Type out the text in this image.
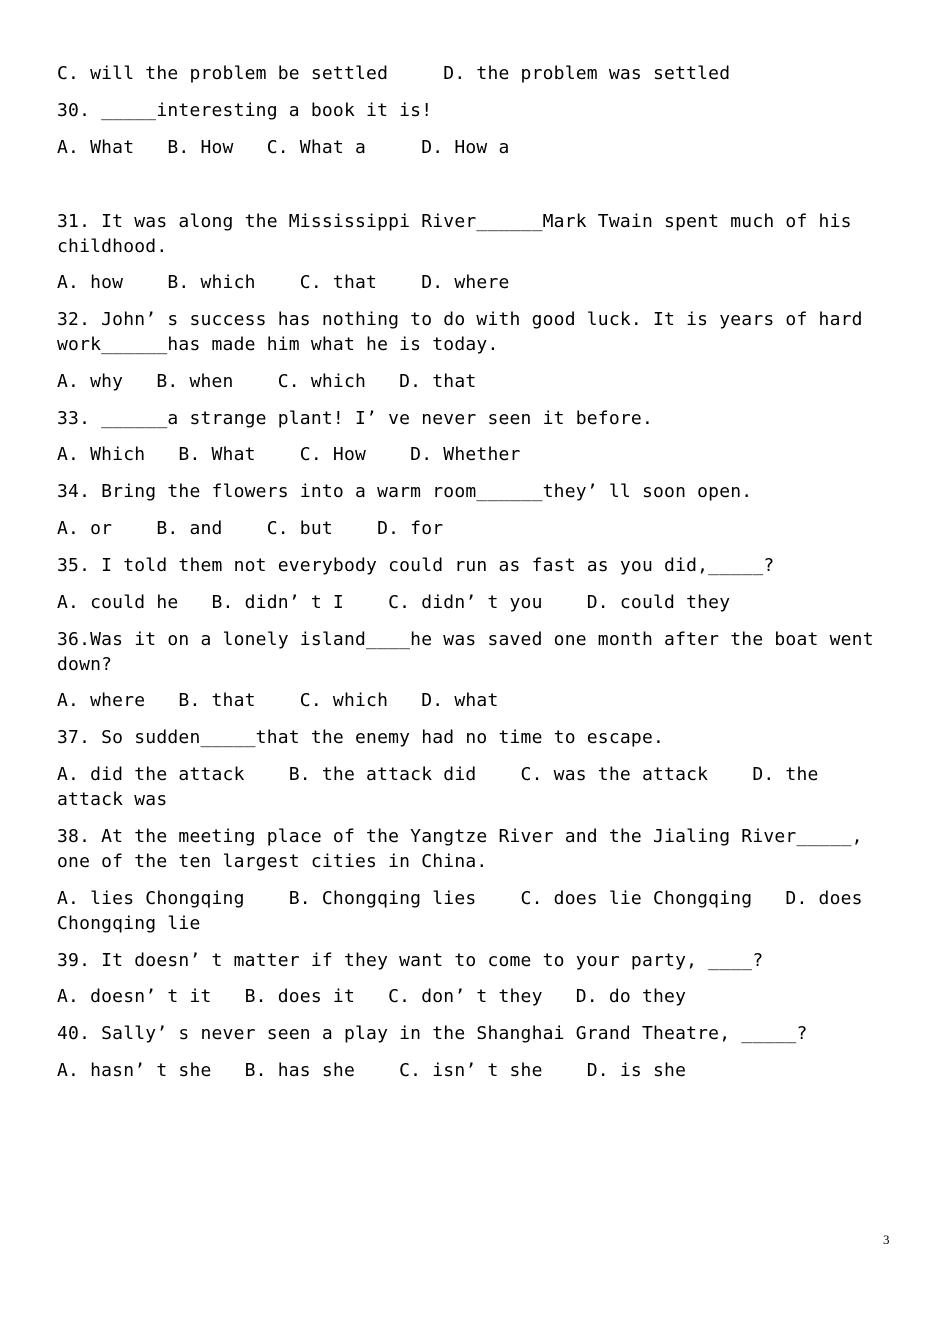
C. will the problem be settled     D. the problem was settled
30. _____interesting a book it is!
A. What   B. How   C. What a     D. How a
31. It was along the Mississippi River______Mark Twain spent much of his childhood.
A. how    B. which    C. that    D. where
32. John’ s success has nothing to do with good luck. It is years of hard work______has made him what he is today.
A. why   B. when    C. which   D. that
33. ______a strange plant! I’ ve never seen it before.
A. Which   B. What    C. How    D. Whether
34. Bring the flowers into a warm room______they’ ll soon open.
A. or    B. and    C. but    D. for
35. I told them not everybody could run as fast as you did,_____?
A. could he   B. didn’ t I    C. didn’ t you    D. could they
36.Was it on a lonely island____he was saved one month after the boat went down?
A. where   B. that    C. which   D. what
37. So sudden_____that the enemy had no time to escape.
A. did the attack    B. the attack did    C. was the attack    D. the attack was
38. At the meeting place of the Yangtze River and the Jialing River_____, one of the ten largest cities in China.
A. lies Chongqing    B. Chongqing lies    C. does lie Chongqing   D. does Chongqing lie
39. It doesn’ t matter if they want to come to your party, ____?
A. doesn’ t it   B. does it   C. don’ t they   D. do they
40. Sally’ s never seen a play in the Shanghai Grand Theatre, _____?
A. hasn’ t she   B. has she    C. isn’ t she    D. is she
3
